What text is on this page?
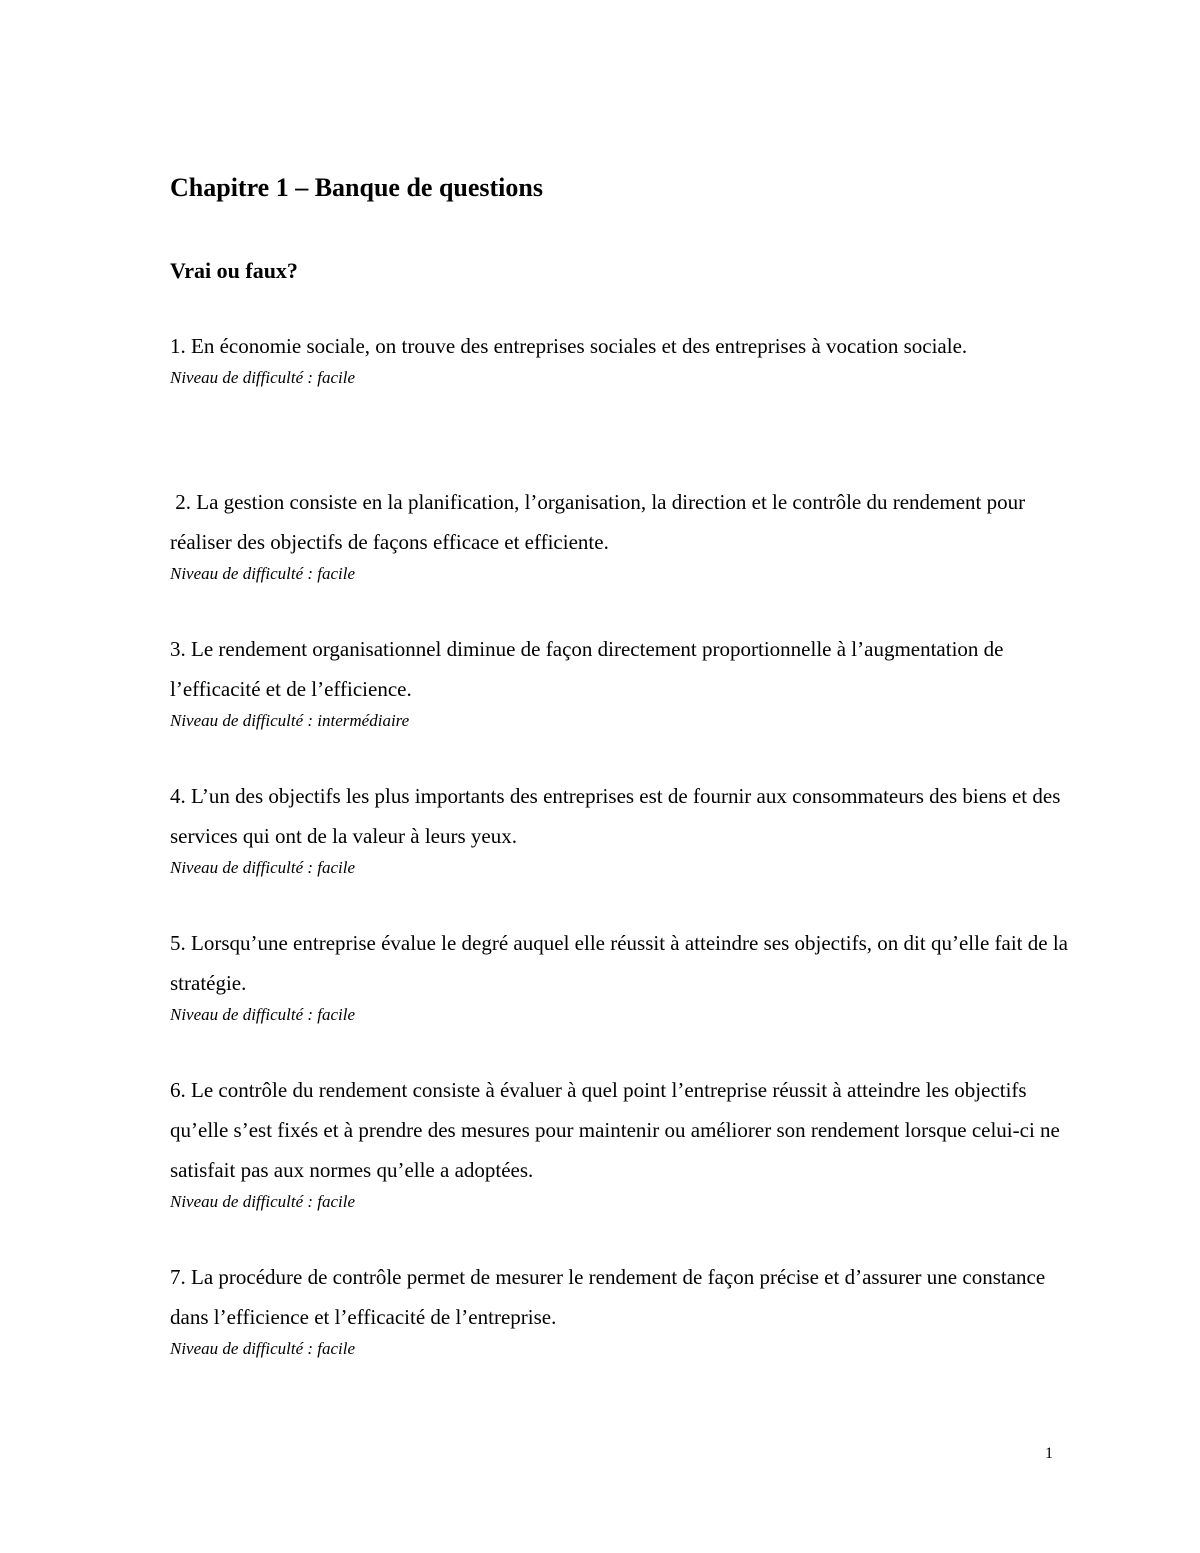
Chapitre 1 – Banque de questions
Vrai ou faux?

1. En économie sociale, on trouve des entreprises sociales et des entreprises à vocation sociale.

Niveau de difficulté : facile

2. La gestion consiste en la planification, l’organisation, la direction et le contrôle du rendement pour réaliser des objectifs de façons efficace et efficiente.

Niveau de difficulté : facile

3. Le rendement organisationnel diminue de façon directement proportionnelle à l’augmentation de l’efficacité et de l’efficience.

Niveau de difficulté : intermédiaire

4. L’un des objectifs les plus importants des entreprises est de fournir aux consommateurs des biens et des services qui ont de la valeur à leurs yeux.

Niveau de difficulté : facile

5. Lorsqu’une entreprise évalue le degré auquel elle réussit à atteindre ses objectifs, on dit qu’elle fait de la stratégie.

Niveau de difficulté : facile

6. Le contrôle du rendement consiste à évaluer à quel point l’entreprise réussit à atteindre les objectifs qu’elle s’est fixés et à prendre des mesures pour maintenir ou améliorer son rendement lorsque celui-ci ne satisfait pas aux normes qu’elle a adoptées.

Niveau de difficulté : facile

7. La procédure de contrôle permet de mesurer le rendement de façon précise et d’assurer une constance dans l’efficience et l’efficacité de l’entreprise.

Niveau de difficulté : facile

1
